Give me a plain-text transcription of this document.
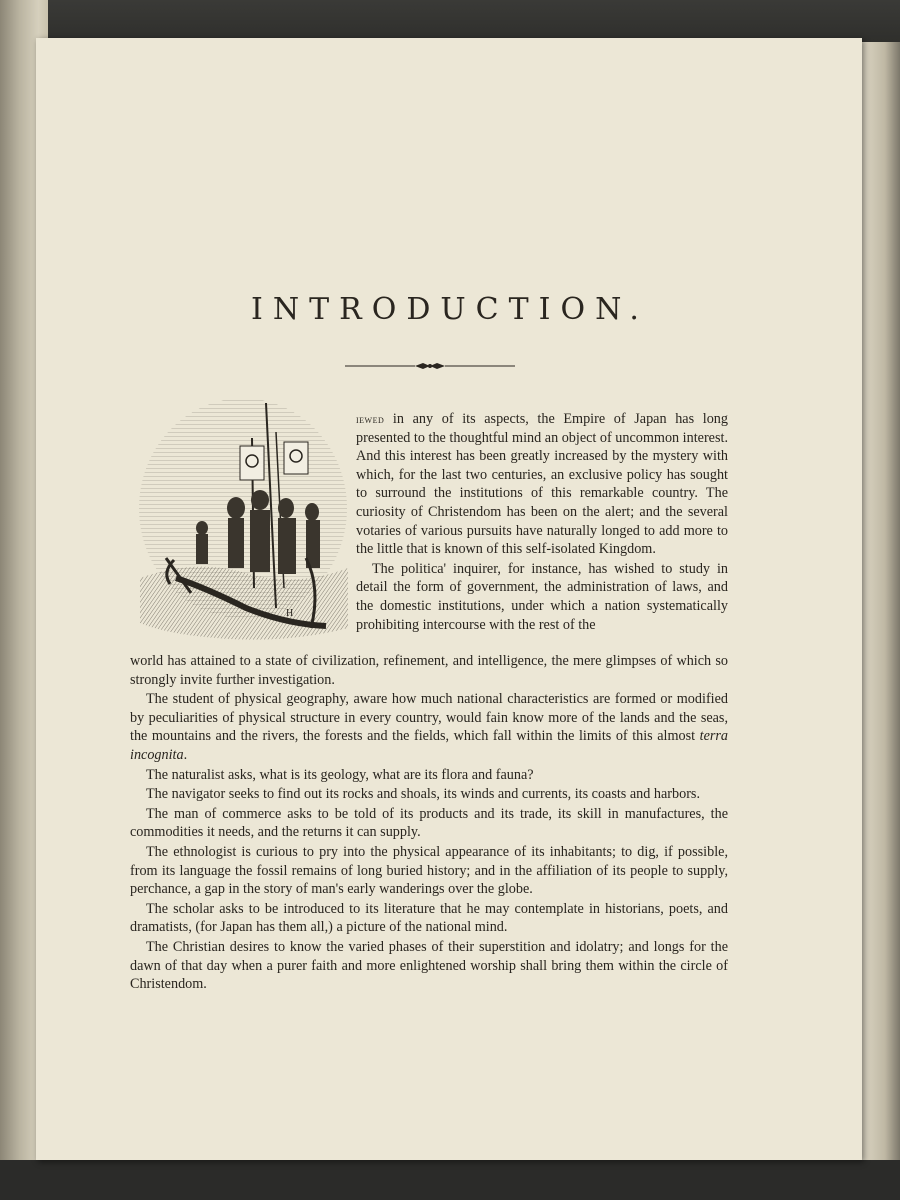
INTRODUCTION.
H

iewed in any of its aspects, the Empire of Japan has long presented to the thoughtful mind an object of uncommon interest. And this interest has been greatly increased by the mystery with which, for the last two centuries, an exclusive policy has sought to surround the institutions of this remarkable country. The curiosity of Christendom has been on the alert; and the several votaries of various pursuits have naturally longed to add more to the little that is known of this self-isolated Kingdom.

The politica' inquirer, for instance, has wished to study in detail the form of government, the administration of laws, and the domestic institutions, under which a nation systematically prohibiting intercourse with the rest of the

world has attained to a state of civilization, refinement, and intelligence, the mere glimpses of which so strongly invite further investigation.

The student of physical geography, aware how much national characteristics are formed or modified by peculiarities of physical structure in every country, would fain know more of the lands and the seas, the mountains and the rivers, the forests and the fields, which fall within the limits of this almost terra incognita.

The naturalist asks, what is its geology, what are its flora and fauna?

The navigator seeks to find out its rocks and shoals, its winds and currents, its coasts and harbors.

The man of commerce asks to be told of its products and its trade, its skill in manufactures, the commodities it needs, and the returns it can supply.

The ethnologist is curious to pry into the physical appearance of its inhabitants; to dig, if possible, from its language the fossil remains of long buried history; and in the affiliation of its people to supply, perchance, a gap in the story of man's early wanderings over the globe.

The scholar asks to be introduced to its literature that he may contemplate in historians, poets, and dramatists, (for Japan has them all,) a picture of the national mind.

The Christian desires to know the varied phases of their superstition and idolatry; and longs for the dawn of that day when a purer faith and more enlightened worship shall bring them within the circle of Christendom.
